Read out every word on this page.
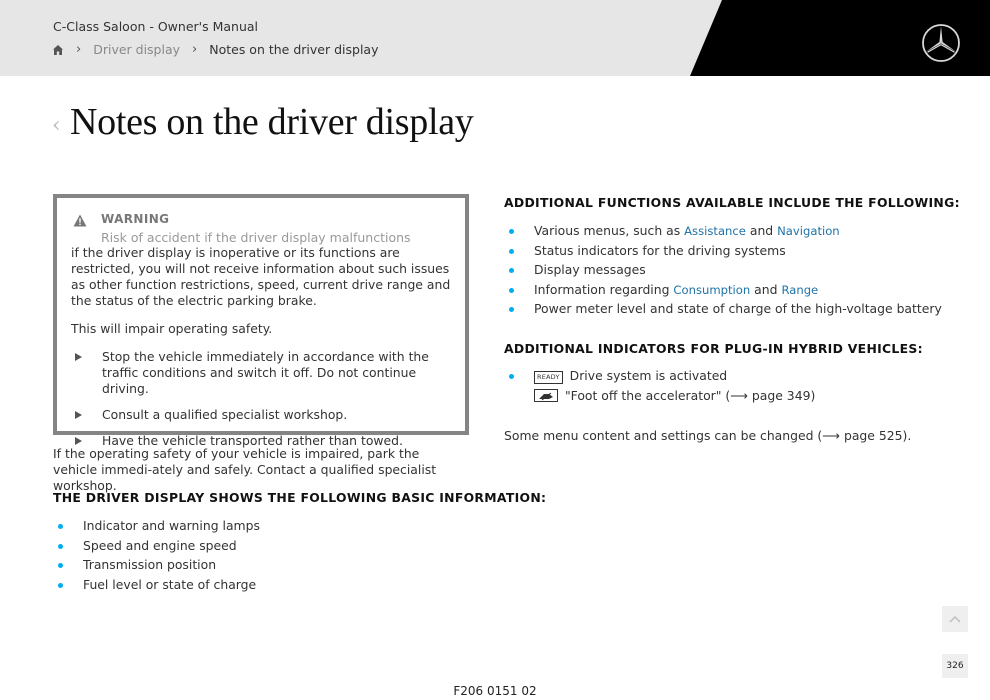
C-Class Saloon - Owner's Manual
› Driver display › Notes on the driver display
‹ Notes on the driver display
WARNING
Risk of accident if the driver display malfunctions

if the driver display is inoperative or its functions are restricted, you will not receive information about such issues as other function restrictions, speed, current drive range and the status of the electric parking brake.

This will impair operating safety.

Stop the vehicle immediately in accordance with the traffic conditions and switch it off. Do not continue driving.
Consult a qualified specialist workshop.
Have the vehicle transported rather than towed.
If the operating safety of your vehicle is impaired, park the vehicle immedi-ately and safely. Contact a qualified specialist workshop.
THE DRIVER DISPLAY SHOWS THE FOLLOWING BASIC INFORMATION:
Indicator and warning lamps
Speed and engine speed
Transmission position
Fuel level or state of charge
ADDITIONAL FUNCTIONS AVAILABLE INCLUDE THE FOLLOWING:
Various menus, such as Assistance and Navigation
Status indicators for the driving systems
Display messages
Information regarding Consumption and Range
Power meter level and state of charge of the high-voltage battery
ADDITIONAL INDICATORS FOR PLUG-IN HYBRID VEHICLES:
READY Drive system is activated
"Foot off the accelerator" (⟶ page 349)
Some menu content and settings can be changed (⟶ page 525).
326
F206 0151 02
